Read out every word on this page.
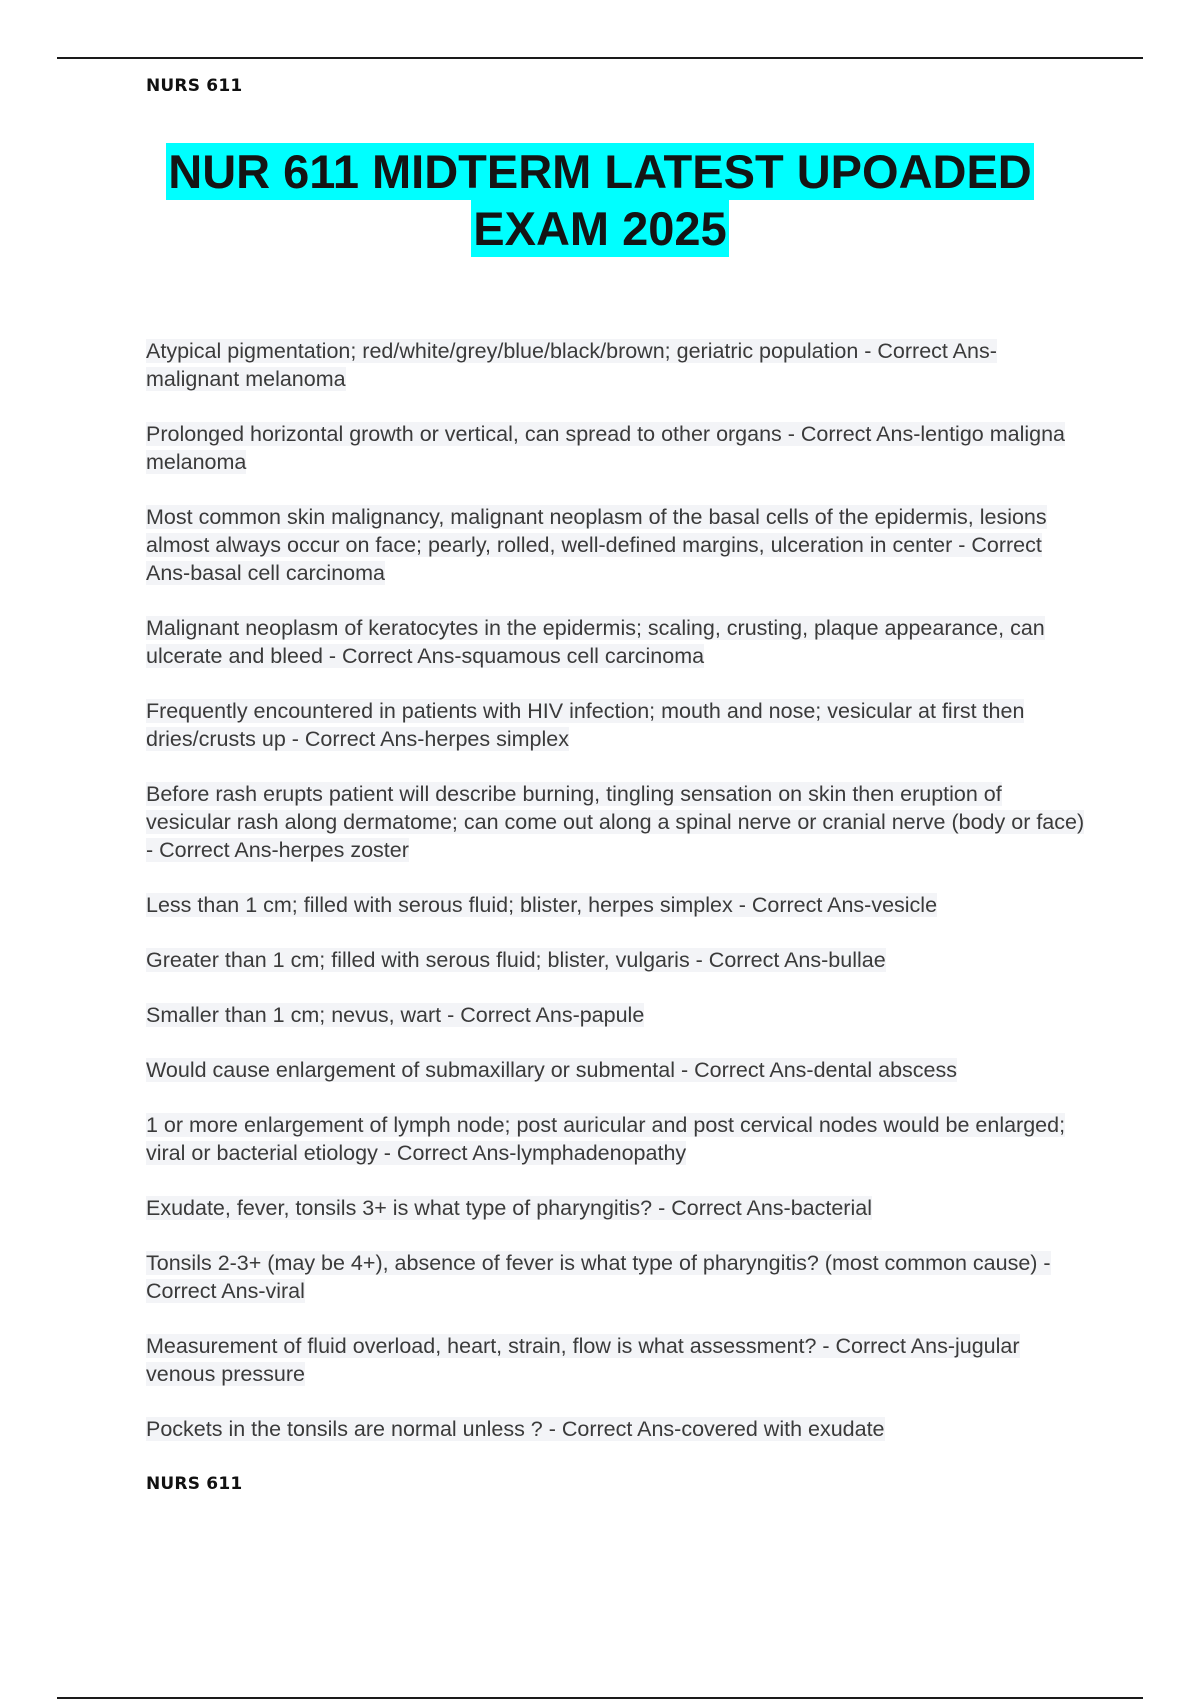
NURS 611
NUR 611 MIDTERM LATEST UPOADED
EXAM 2025
Atypical pigmentation; red/white/grey/blue/black/brown; geriatric population - Correct Ans-malignant melanoma
Prolonged horizontal growth or vertical, can spread to other organs - Correct Ans-lentigo maligna melanoma
Most common skin malignancy, malignant neoplasm of the basal cells of the epidermis, lesions almost always occur on face; pearly, rolled, well-defined margins, ulceration in center - Correct Ans-basal cell carcinoma
Malignant neoplasm of keratocytes in the epidermis; scaling, crusting, plaque appearance, can ulcerate and bleed - Correct Ans-squamous cell carcinoma
Frequently encountered in patients with HIV infection; mouth and nose; vesicular at first then dries/crusts up - Correct Ans-herpes simplex
Before rash erupts patient will describe burning, tingling sensation on skin then eruption of vesicular rash along dermatome; can come out along a spinal nerve or cranial nerve (body or face) - Correct Ans-herpes zoster
Less than 1 cm; filled with serous fluid; blister, herpes simplex - Correct Ans-vesicle
Greater than 1 cm; filled with serous fluid; blister, vulgaris - Correct Ans-bullae
Smaller than 1 cm; nevus, wart - Correct Ans-papule
Would cause enlargement of submaxillary or submental - Correct Ans-dental abscess
1 or more enlargement of lymph node; post auricular and post cervical nodes would be enlarged; viral or bacterial etiology - Correct Ans-lymphadenopathy
Exudate, fever, tonsils 3+ is what type of pharyngitis? - Correct Ans-bacterial
Tonsils 2-3+ (may be 4+), absence of fever is what type of pharyngitis? (most common cause) - Correct Ans-viral
Measurement of fluid overload, heart, strain, flow is what assessment? - Correct Ans-jugular venous pressure
Pockets in the tonsils are normal unless ? - Correct Ans-covered with exudate
NURS 611
